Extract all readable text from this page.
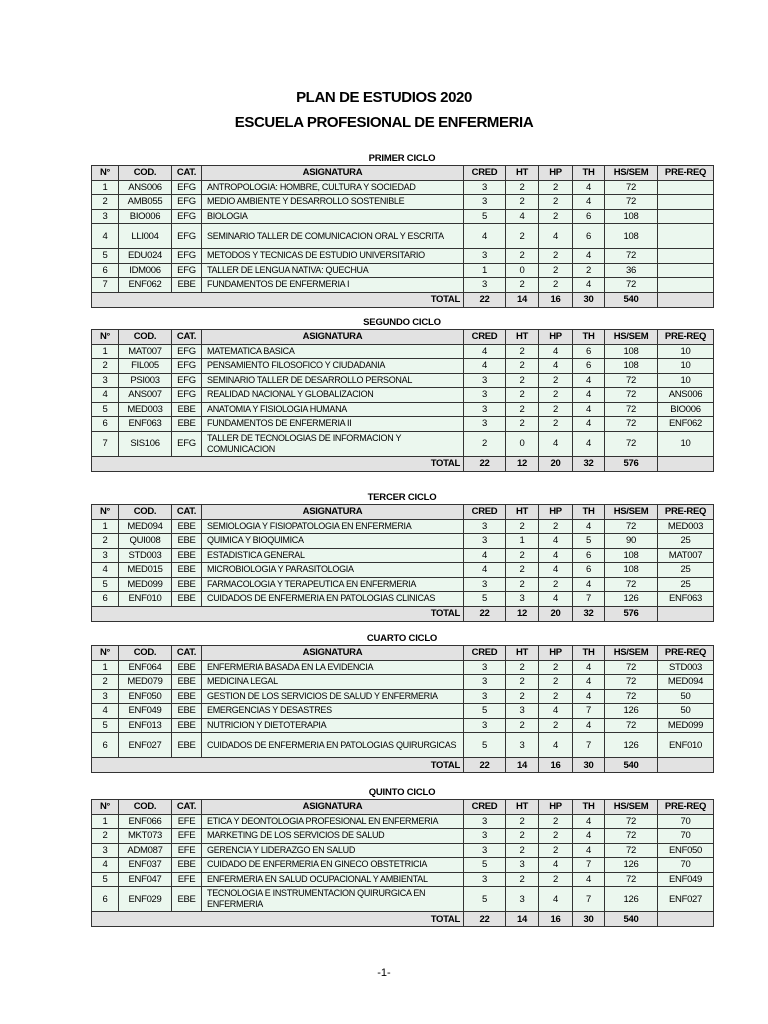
PLAN DE ESTUDIOS 2020
ESCUELA PROFESIONAL DE ENFERMERIA
PRIMER CICLO
N°	COD.	CAT.	ASIGNATURA	CRED	HT	HP	TH	HS/SEM	PRE-REQ
1	ANS006	EFG	ANTROPOLOGIA: HOMBRE, CULTURA Y SOCIEDAD	3	2	2	4	72	
2	AMB055	EFG	MEDIO AMBIENTE Y DESARROLLO SOSTENIBLE	3	2	2	4	72	
3	BIO006	EFG	BIOLOGIA	5	4	2	6	108	
4	LLI004	EFG	SEMINARIO TALLER DE COMUNICACION ORAL Y ESCRITA	4	2	4	6	108	
5	EDU024	EFG	METODOS Y TECNICAS DE ESTUDIO UNIVERSITARIO	3	2	2	4	72	
6	IDM006	EFG	TALLER DE LENGUA NATIVA: QUECHUA	1	0	2	2	36	
7	ENF062	EBE	FUNDAMENTOS DE ENFERMERIA I	3	2	2	4	72	
TOTAL				22	14	16	30	540	
SEGUNDO CICLO
N°	COD.	CAT.	ASIGNATURA	CRED	HT	HP	TH	HS/SEM	PRE-REQ
1	MAT007	EFG	MATEMATICA BASICA	4	2	4	6	108	10
2	FIL005	EFG	PENSAMIENTO FILOSOFICO Y CIUDADANIA	4	2	4	6	108	10
3	PSI003	EFG	SEMINARIO TALLER DE DESARROLLO PERSONAL	3	2	2	4	72	10
4	ANS007	EFG	REALIDAD NACIONAL Y GLOBALIZACION	3	2	2	4	72	ANS006
5	MED003	EBE	ANATOMIA Y FISIOLOGIA HUMANA	3	2	2	4	72	BIO006
6	ENF063	EBE	FUNDAMENTOS DE ENFERMERIA II	3	2	2	4	72	ENF062
7	SIS106	EFG	TALLER DE TECNOLOGIAS DE INFORMACION Y COMUNICACION	2	0	4	4	72	10
TOTAL				22	12	20	32	576	
TERCER CICLO
N°	COD.	CAT.	ASIGNATURA	CRED	HT	HP	TH	HS/SEM	PRE-REQ
1	MED094	EBE	SEMIOLOGIA Y FISIOPATOLOGIA EN ENFERMERIA	3	2	2	4	72	MED003
2	QUI008	EBE	QUIMICA Y BIOQUIMICA	3	1	4	5	90	25
3	STD003	EBE	ESTADISTICA GENERAL	4	2	4	6	108	MAT007
4	MED015	EBE	MICROBIOLOGIA Y PARASITOLOGIA	4	2	4	6	108	25
5	MED099	EBE	FARMACOLOGIA Y TERAPEUTICA EN ENFERMERIA	3	2	2	4	72	25
6	ENF010	EBE	CUIDADOS DE ENFERMERIA EN PATOLOGIAS CLINICAS	5	3	4	7	126	ENF063
TOTAL				22	12	20	32	576	
CUARTO CICLO
N°	COD.	CAT.	ASIGNATURA	CRED	HT	HP	TH	HS/SEM	PRE-REQ
1	ENF064	EBE	ENFERMERIA BASADA EN LA EVIDENCIA	3	2	2	4	72	STD003
2	MED079	EBE	MEDICINA LEGAL	3	2	2	4	72	MED094
3	ENF050	EBE	GESTION DE LOS SERVICIOS DE SALUD Y ENFERMERIA	3	2	2	4	72	50
4	ENF049	EBE	EMERGENCIAS Y DESASTRES	5	3	4	7	126	50
5	ENF013	EBE	NUTRICION Y DIETOTERAPIA	3	2	2	4	72	MED099
6	ENF027	EBE	CUIDADOS DE ENFERMERIA EN PATOLOGIAS QUIRURGICAS	5	3	4	7	126	ENF010
TOTAL				22	14	16	30	540	
QUINTO CICLO
N°	COD.	CAT.	ASIGNATURA	CRED	HT	HP	TH	HS/SEM	PRE-REQ
1	ENF066	EFE	ETICA Y DEONTOLOGIA PROFESIONAL EN ENFERMERIA	3	2	2	4	72	70
2	MKT073	EFE	MARKETING DE LOS SERVICIOS DE SALUD	3	2	2	4	72	70
3	ADM087	EFE	GERENCIA Y LIDERAZGO EN SALUD	3	2	2	4	72	ENF050
4	ENF037	EBE	CUIDADO DE ENFERMERIA EN GINECO OBSTETRICIA	5	3	4	7	126	70
5	ENF047	EFE	ENFERMERIA EN SALUD OCUPACIONAL Y AMBIENTAL	3	2	2	4	72	ENF049
6	ENF029	EBE	TECNOLOGIA E INSTRUMENTACION QUIRURGICA EN ENFERMERIA	5	3	4	7	126	ENF027
TOTAL				22	14	16	30	540	
-1-
